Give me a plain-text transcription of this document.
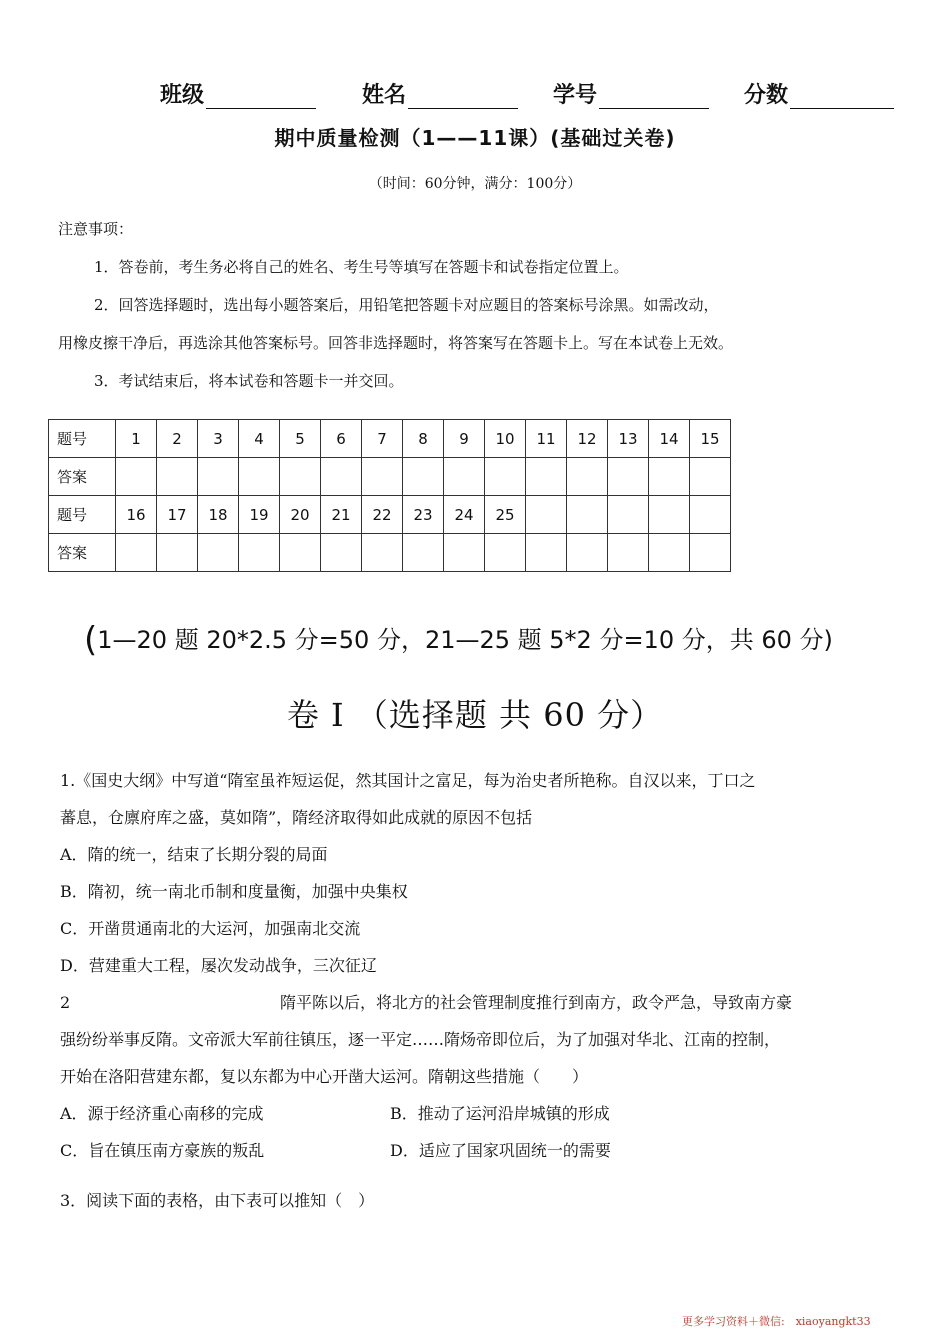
班级	姓名	学号	分数
期中质量检测（1——11课）(基础过关卷)
（时间：60分钟，满分：100分）

注意事项：

1．答卷前，考生务必将自己的姓名、考生号等填写在答题卡和试卷指定位置上。

2．回答选择题时，选出每小题答案后，用铅笔把答题卡对应题目的答案标号涂黑。如需改动，

用橡皮擦干净后，再选涂其他答案标号。回答非选择题时，将答案写在答题卡上。写在本试卷上无效。

3．考试结束后，将本试卷和答题卡一并交回。

题号	1	2	3	4	5	6	7	8	9	10	11	12	13	14	15
答案															
题号	16	17	18	19	20	21	22	23	24	25					
答案															
(1—20 题 20*2.5 分=50 分，21—25 题 5*2 分=10 分，共 60 分)
卷 I （选择题 共 60 分）

1.《国史大纲》中写道“隋室虽祚短运促，然其国计之富足，每为治史者所艳称。自汉以来，丁口之

蕃息，仓廪府库之盛，莫如隋”，隋经济取得如此成就的原因不包括

A．隋的统一，结束了长期分裂的局面

B．隋初，统一南北币制和度量衡，加强中央集权

C．开凿贯通南北的大运河，加强南北交流

D．营建重大工程，屡次发动战争，三次征辽

2	隋平陈以后，将北方的社会管理制度推行到南方，政令严急，导致南方豪

强纷纷举事反隋。文帝派大军前往镇压，逐一平定……隋炀帝即位后，为了加强对华北、江南的控制，

开始在洛阳营建东都，复以东都为中心开凿大运河。隋朝这些措施（　　）

A．源于经济重心南移的完成	B．推动了运河沿岸城镇的形成
C．旨在镇压南方豪族的叛乱	D．适应了国家巩固统一的需要

3．阅读下面的表格，由下表可以推知（　）

更多学习资料＋微信:　xiaoyangkt33
